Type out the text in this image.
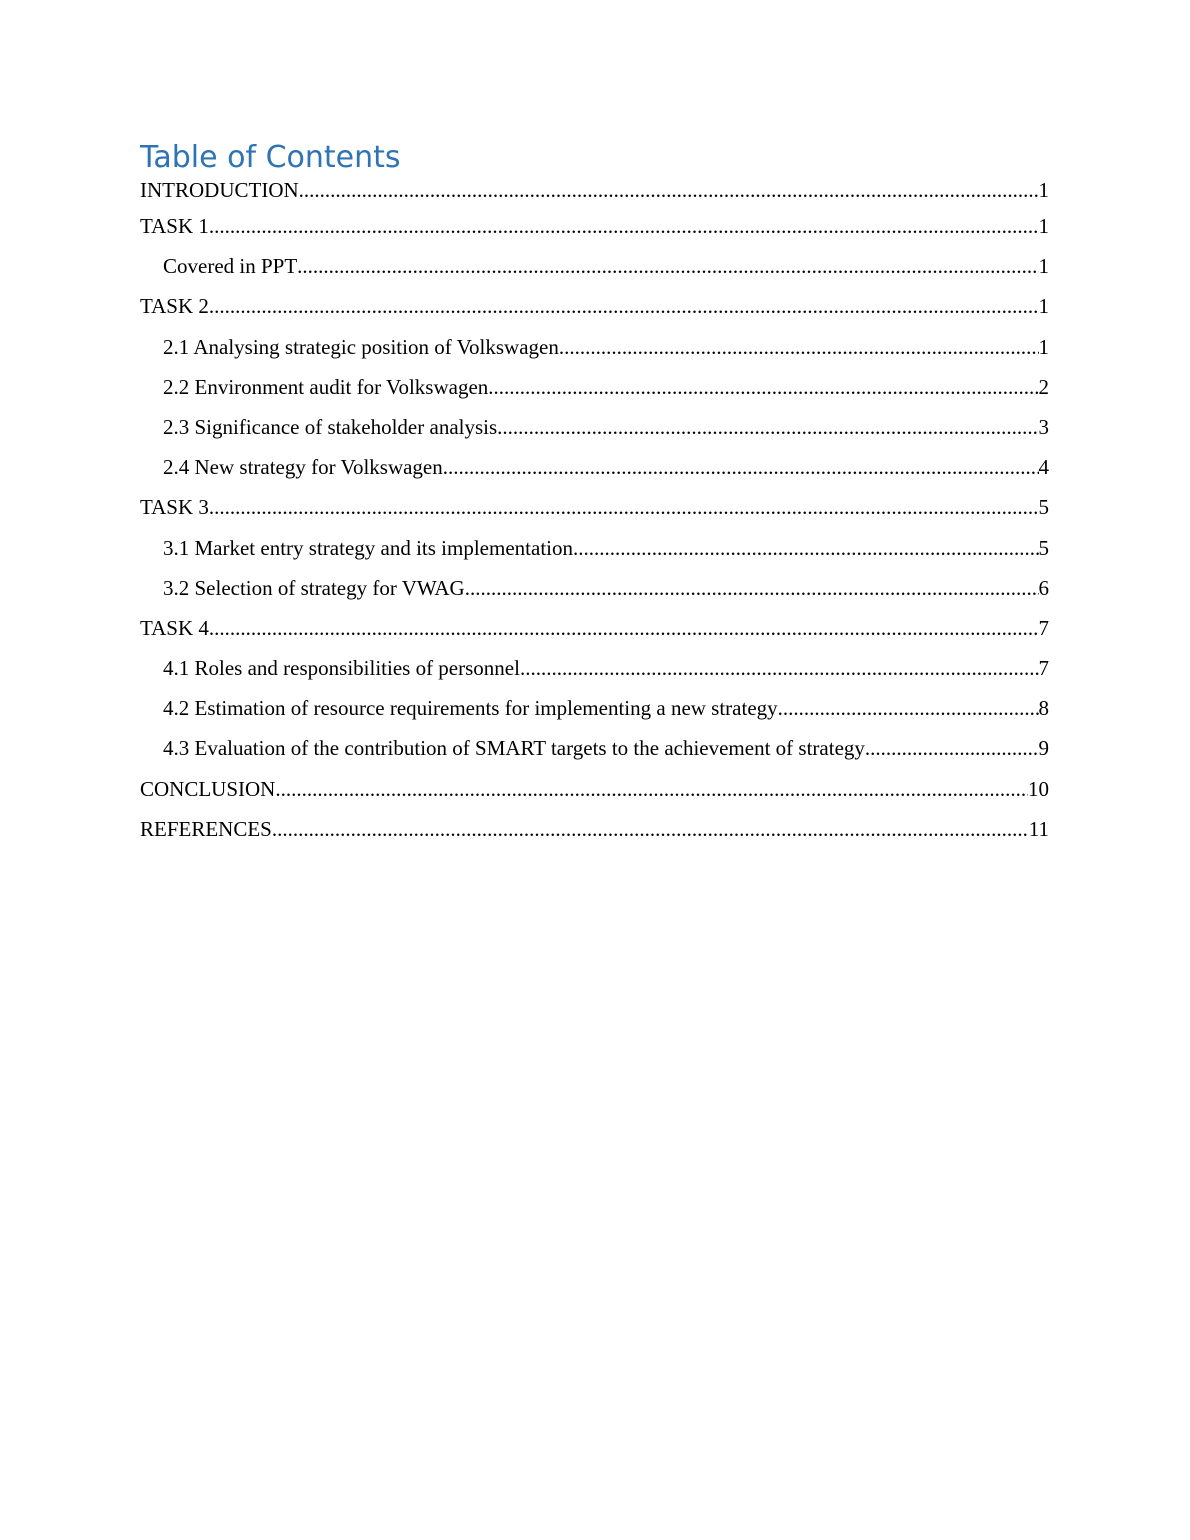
Table of Contents
INTRODUCTION .....	1
TASK 1 .....	1
Covered in PPT .....	1
TASK 2 .....	1
2.1 Analysing strategic position of Volkswagen .....	1
2.2 Environment audit for Volkswagen .....	2
2.3 Significance of stakeholder analysis .....	3
2.4 New strategy for Volkswagen .....	4
TASK 3 .....	5
3.1 Market entry strategy and its implementation .....	5
3.2 Selection of strategy for VWAG .....	6
TASK 4 .....	7
4.1 Roles and responsibilities of personnel .....	7
4.2 Estimation of resource requirements for implementing a new strategy .....	8
4.3 Evaluation of the contribution of SMART targets to the achievement of strategy .....	9
CONCLUSION .....	10
REFERENCES .....	11
